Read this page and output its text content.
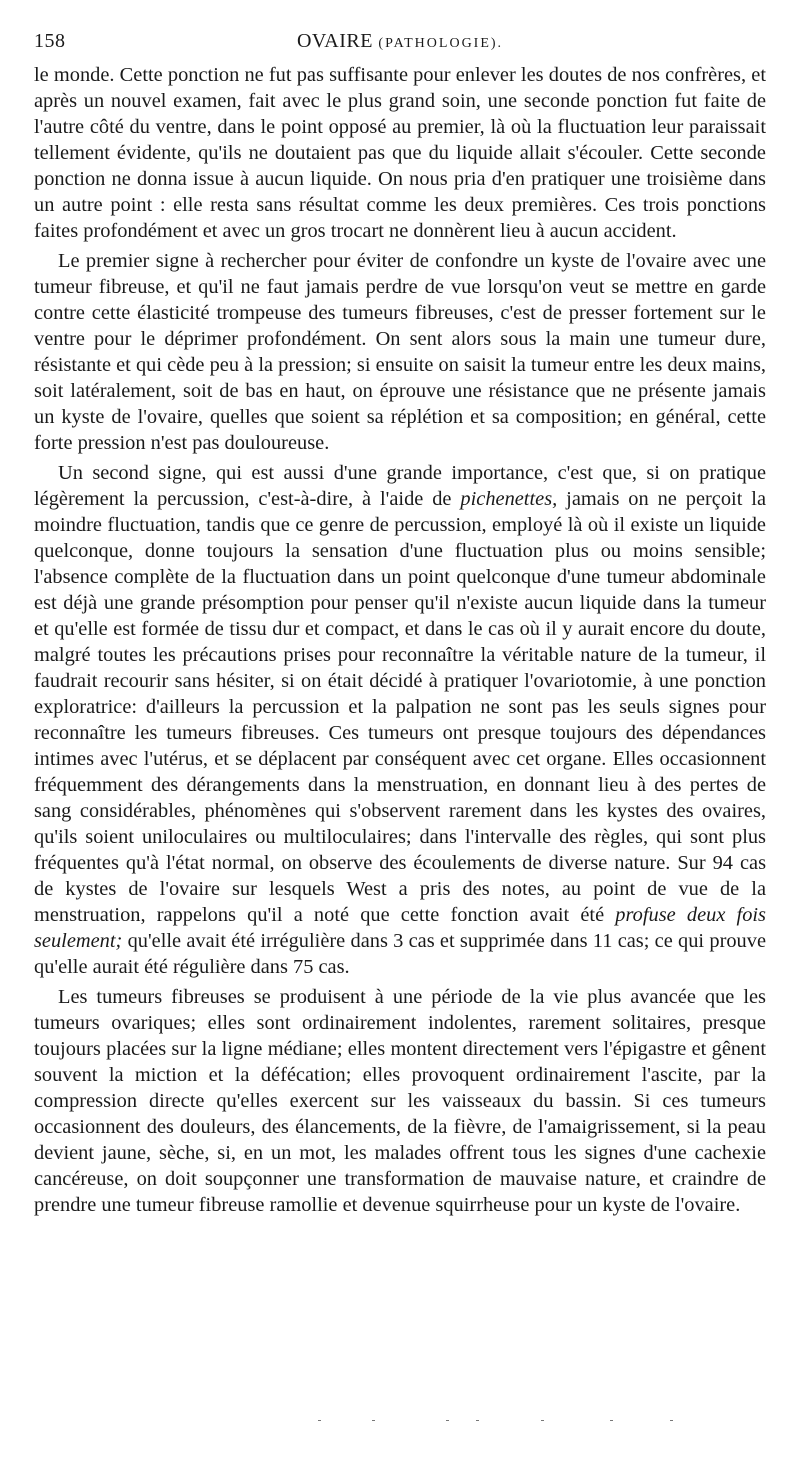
158	OVAIRE (PATHOLOGIE).

le monde. Cette ponction ne fut pas suffisante pour enlever les doutes de nos confrères, et après un nouvel examen, fait avec le plus grand soin, une seconde ponction fut faite de l'autre côté du ventre, dans le point opposé au premier, là où la fluctuation leur paraissait tellement évidente, qu'ils ne doutaient pas que du liquide allait s'écouler. Cette seconde ponction ne donna issue à aucun liquide. On nous pria d'en pratiquer une troisième dans un autre point : elle resta sans résultat comme les deux premières. Ces trois ponctions faites profondément et avec un gros trocart ne donnèrent lieu à aucun accident.

Le premier signe à rechercher pour éviter de confondre un kyste de l'ovaire avec une tumeur fibreuse, et qu'il ne faut jamais perdre de vue lorsqu'on veut se mettre en garde contre cette élasticité trompeuse des tumeurs fibreuses, c'est de presser fortement sur le ventre pour le déprimer profondément. On sent alors sous la main une tumeur dure, résistante et qui cède peu à la pression; si ensuite on saisit la tumeur entre les deux mains, soit latéralement, soit de bas en haut, on éprouve une résistance que ne présente jamais un kyste de l'ovaire, quelles que soient sa réplétion et sa composition; en général, cette forte pression n'est pas douloureuse.

Un second signe, qui est aussi d'une grande importance, c'est que, si on pratique légèrement la percussion, c'est-à-dire, à l'aide de pichenettes, jamais on ne perçoit la moindre fluctuation, tandis que ce genre de percussion, employé là où il existe un liquide quelconque, donne toujours la sensation d'une fluctuation plus ou moins sensible; l'absence complète de la fluctuation dans un point quelconque d'une tumeur abdominale est déjà une grande présomption pour penser qu'il n'existe aucun liquide dans la tumeur et qu'elle est formée de tissu dur et compact, et dans le cas où il y aurait encore du doute, malgré toutes les précautions prises pour reconnaître la véritable nature de la tumeur, il faudrait recourir sans hésiter, si on était décidé à pratiquer l'ovariotomie, à une ponction exploratrice: d'ailleurs la percussion et la palpation ne sont pas les seuls signes pour reconnaître les tumeurs fibreuses. Ces tumeurs ont presque toujours des dépendances intimes avec l'utérus, et se déplacent par conséquent avec cet organe. Elles occasionnent fréquemment des dérangements dans la menstruation, en donnant lieu à des pertes de sang considérables, phénomènes qui s'observent rarement dans les kystes des ovaires, qu'ils soient uniloculaires ou multiloculaires; dans l'intervalle des règles, qui sont plus fréquentes qu'à l'état normal, on observe des écoulements de diverse nature. Sur 94 cas de kystes de l'ovaire sur lesquels West a pris des notes, au point de vue de la menstruation, rappelons qu'il a noté que cette fonction avait été profuse deux fois seulement; qu'elle avait été irrégulière dans 3 cas et supprimée dans 11 cas; ce qui prouve qu'elle aurait été régulière dans 75 cas.

Les tumeurs fibreuses se produisent à une période de la vie plus avancée que les tumeurs ovariques; elles sont ordinairement indolentes, rarement solitaires, presque toujours placées sur la ligne médiane; elles montent directement vers l'épigastre et gênent souvent la miction et la défécation; elles provoquent ordinairement l'ascite, par la compression directe qu'elles exercent sur les vaisseaux du bassin. Si ces tumeurs occasionnent des douleurs, des élancements, de la fièvre, de l'amaigrissement, si la peau devient jaune, sèche, si, en un mot, les malades offrent tous les signes d'une cachexie cancéreuse, on doit soupçonner une transformation de mauvaise nature, et craindre de prendre une tumeur fibreuse ramollie et devenue squirrheuse pour un kyste de l'ovaire.
